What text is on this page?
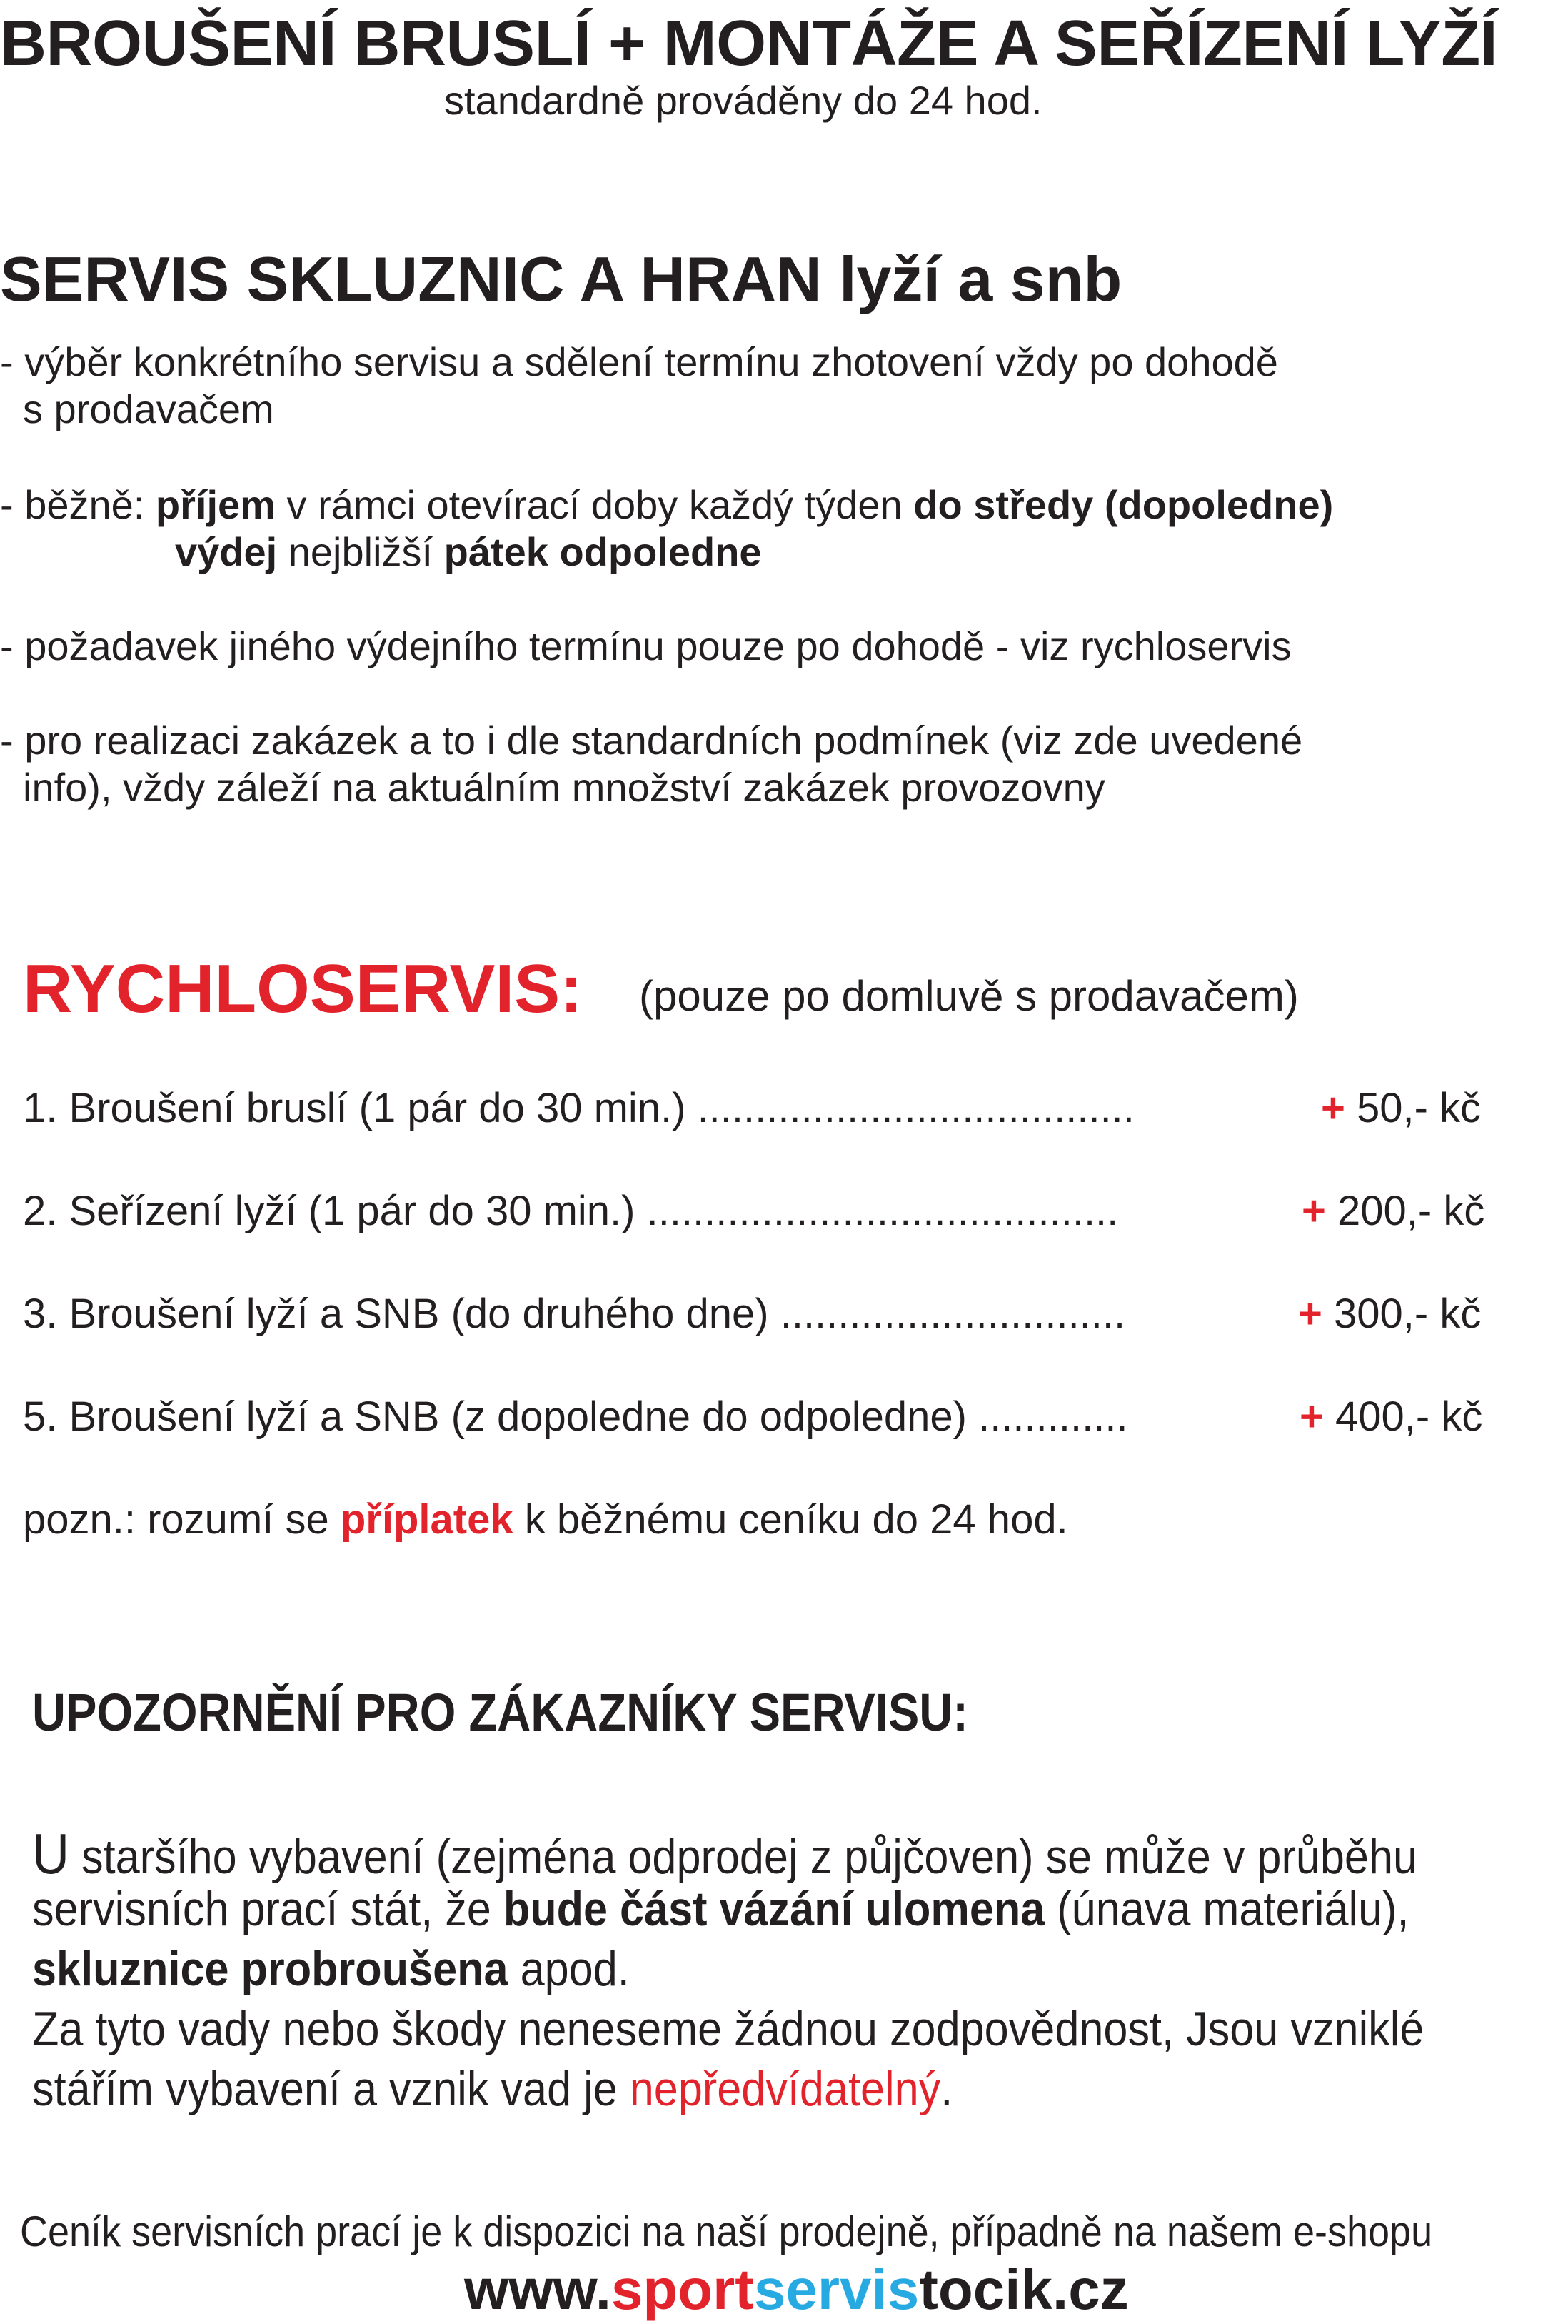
BROUŠENÍ BRUSLÍ + MONTÁŽE A SEŘÍZENÍ LYŽÍ
standardně prováděny do 24 hod.
SERVIS SKLUZNIC A HRAN lyží a snb
- výběr konkrétního servisu a sdělení termínu zhotovení vždy po dohodě
s prodavačem
- běžně: příjem v rámci otevírací doby každý týden do středy (dopoledne)
výdej nejbližší pátek odpoledne
- požadavek jiného výdejního termínu pouze po dohodě - viz rychloservis
- pro realizaci zakázek a to i dle standardních podmínek (viz zde uvedené
info), vždy záleží na aktuálním množství zakázek provozovny
RYCHLOSERVIS: (pouze po domluvě s prodavačem)
1. Broušení bruslí (1 pár do 30 min.) ......................................	+ 50,- kč
2. Seřízení lyží (1 pár do 30 min.) .........................................	+ 200,- kč
3. Broušení lyží a SNB (do druhého dne) ..............................	+ 300,- kč
5. Broušení lyží a SNB (z dopoledne do odpoledne) .............	+ 400,- kč
pozn.: rozumí se příplatek k běžnému ceníku do 24 hod.
UPOZORNĚNÍ PRO ZÁKAZNÍKY SERVISU:
U staršího vybavení (zejména odprodej z půjčoven) se může v průběhu
servisních prací stát, že bude část vázání ulomena (únava materiálu),
skluznice probroušena apod.
Za tyto vady nebo škody neneseme žádnou zodpovědnost, Jsou vzniklé
stářím vybavení a vznik vad je nepředvídatelný.
Ceník servisních prací je k dispozici na naší prodejně, případně na našem e-shopu
www.sportservistocik.cz
